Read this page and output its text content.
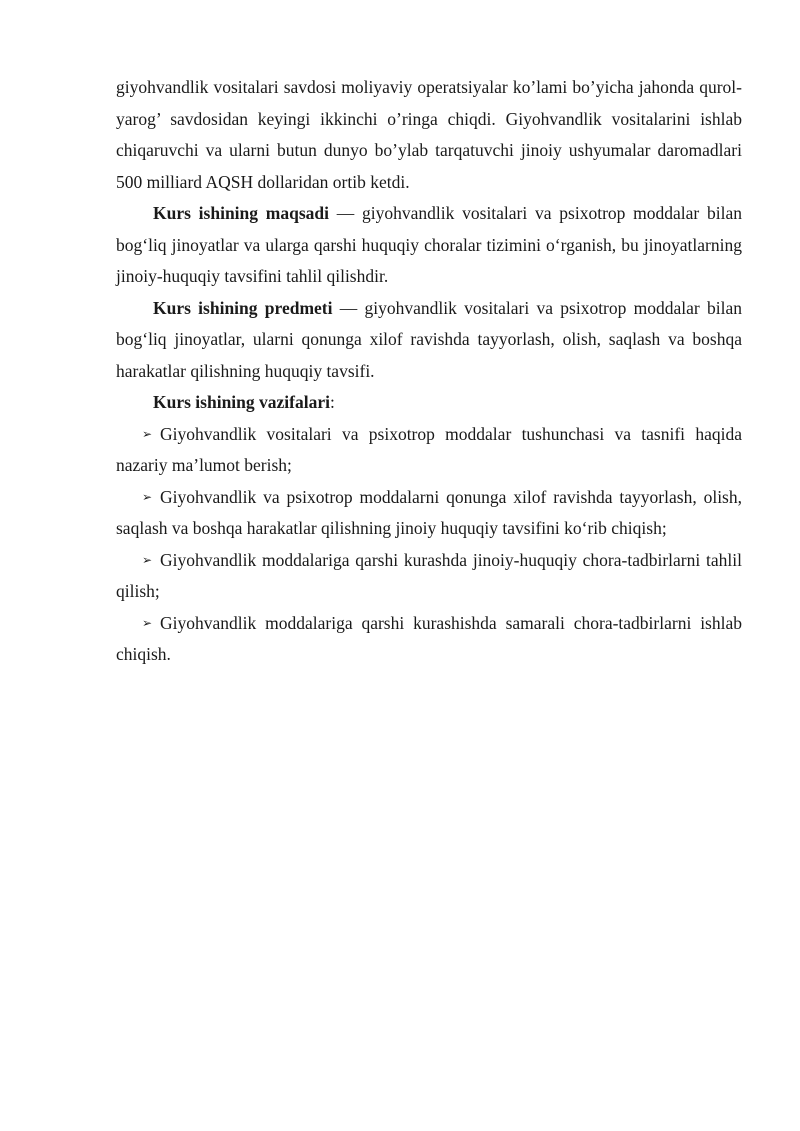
giyohvandlik vositalari savdosi moliyaviy operatsiyalar ko’lami bo’yicha jahonda qurol-yarog’ savdosidan keyingi ikkinchi o’ringa chiqdi. Giyohvandlik vositalarini ishlab chiqaruvchi va ularni butun dunyo bo’ylab tarqatuvchi jinoiy ushyumalar daromadlari 500 milliard AQSH dollaridan ortib ketdi.

Kurs ishining maqsadi — giyohvandlik vositalari va psixotrop moddalar bilan bog‘liq jinoyatlar va ularga qarshi huquqiy choralar tizimini o‘rganish, bu jinoyatlarning jinoiy-huquqiy tavsifini tahlil qilishdir.

Kurs ishining predmeti — giyohvandlik vositalari va psixotrop moddalar bilan bog‘liq jinoyatlar, ularni qonunga xilof ravishda tayyorlash, olish, saqlash va boshqa harakatlar qilishning huquqiy tavsifi.

Kurs ishining vazifalari:

➢ Giyohvandlik vositalari va psixotrop moddalar tushunchasi va tasnifi haqida nazariy ma’lumot berish;

➢ Giyohvandlik va psixotrop moddalarni qonunga xilof ravishda tayyorlash, olish, saqlash va boshqa harakatlar qilishning jinoiy huquqiy tavsifini ko‘rib chiqish;

➢ Giyohvandlik moddalariga qarshi kurashda jinoiy-huquqiy chora-tadbirlarni tahlil qilish;

➢ Giyohvandlik moddalariga qarshi kurashishda samarali chora-tadbirlarni ishlab chiqish.
